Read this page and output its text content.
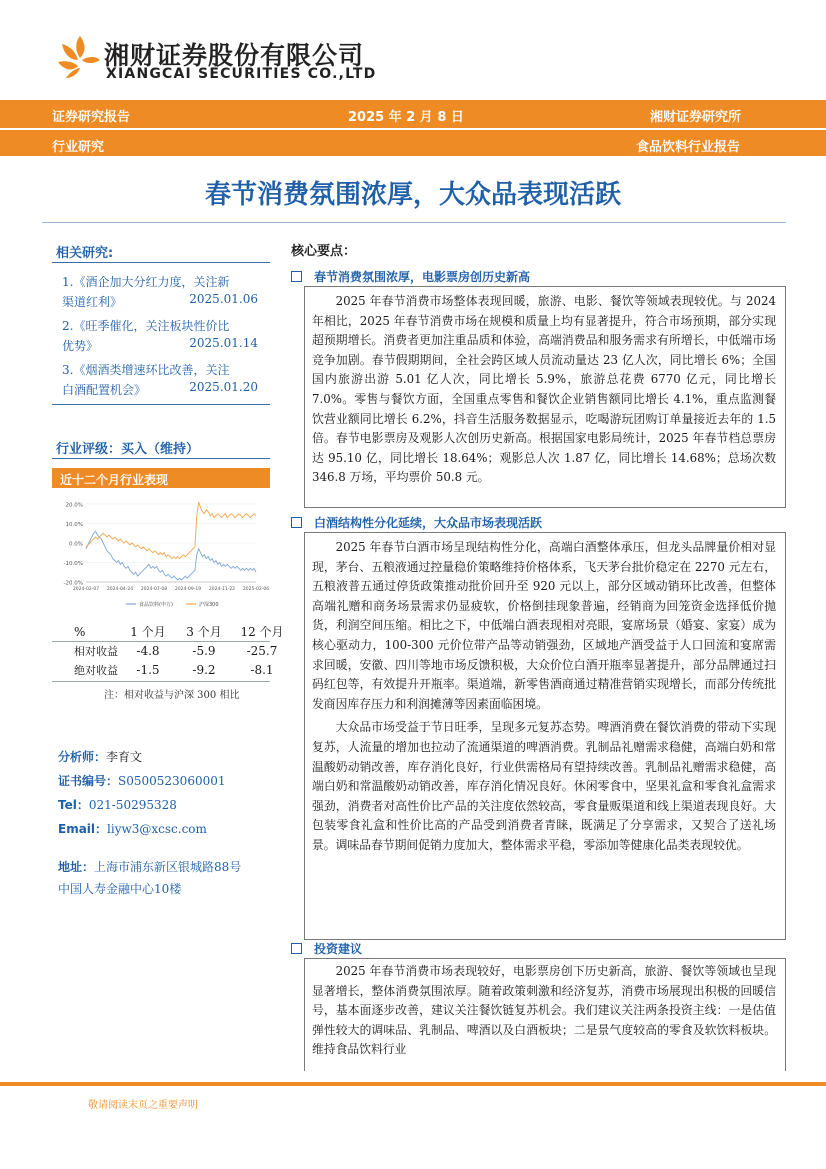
湘财证券股份有限公司
XIANGCAI SECURITIES CO.,LTD
证券研究报告	2025 年 2 月 8 日	湘财证券研究所
行业研究	食品饮料行业报告
春节消费氛围浓厚，大众品表现活跃
相关研究:
1.《酒企加大分红力度，关注新
渠道红利》	2025.01.06
2.《旺季催化，关注板块性价比
优势》	2025.01.14
3.《烟酒类增速环比改善，关注
白酒配置机会》	2025.01.20
行业评级：买入（维持）
近十二个月行业表现
20.0%
10.0%
0.0%
-10.0%
-20.0%
2024-02-07 2024-04-24 2024-07-08 2024-09-19 2024-11-22 2025-02-06
食品饮料(申万)	沪深300
%	1 个月	3 个月	12 个月
相对收益	-4.8	-5.9	-25.7
绝对收益	-1.5	-9.2	-8.1
注：相对收益与沪深 300 相比
分析师：李育文
证书编号：S0500523060001
Tel：021-50295328
Email：liyw3@xcsc.com
地址：上海市浦东新区银城路88号
中国人寿金融中心10楼
核心要点：
春节消费氛围浓厚，电影票房创历史新高

2025 年春节消费市场整体表现回暖，旅游、电影、餐饮等领域表现较优。与 2024 年相比，2025 年春节消费市场在规模和质量上均有显著提升，符合市场预期，部分实现超预期增长。消费者更加注重品质和体验，高端消费品和服务需求有所增长，中低端市场竞争加剧。春节假期期间，全社会跨区域人员流动量达 23 亿人次，同比增长 6%；全国国内旅游出游 5.01 亿人次，同比增长 5.9%，旅游总花费 6770 亿元，同比增长 7.0%。零售与餐饮方面，全国重点零售和餐饮企业销售额同比增长 4.1%，重点监测餐饮营业额同比增长 6.2%，抖音生活服务数据显示，吃喝游玩团购订单量接近去年的 1.5 倍。春节电影票房及观影人次创历史新高。根据国家电影局统计，2025 年春节档总票房达 95.10 亿，同比增长 18.64%；观影总人次 1.87 亿，同比增长 14.68%；总场次数 346.8 万场，平均票价 50.8 元。

白酒结构性分化延续，大众品市场表现活跃

2025 年春节白酒市场呈现结构性分化，高端白酒整体承压，但龙头品牌量价相对显现，茅台、五粮液通过控量稳价策略维持价格体系，飞天茅台批价稳定在 2270 元左右，五粮液普五通过停货政策推动批价回升至 920 元以上，部分区域动销环比改善，但整体高端礼赠和商务场景需求仍显疲软，价格倒挂现象普遍，经销商为回笼资金选择低价抛货，利润空间压缩。相比之下，中低端白酒表现相对亮眼，宴席场景（婚宴、家宴）成为核心驱动力，100-300 元价位带产品等动销强劲，区域地产酒受益于人口回流和宴席需求回暖，安徽、四川等地市场反馈积极，大众价位白酒开瓶率显著提升，部分品牌通过扫码红包等，有效提升开瓶率。渠道端，新零售酒商通过精准营销实现增长，而部分传统批发商因库存压力和利润摊薄等因素面临困境。

大众品市场受益于节日旺季，呈现多元复苏态势。啤酒消费在餐饮消费的带动下实现复苏，人流量的增加也拉动了流通渠道的啤酒消费。乳制品礼赠需求稳健，高端白奶和常温酸奶动销改善，库存消化良好，行业供需格局有望持续改善。乳制品礼赠需求稳健，高端白奶和常温酸奶动销改善，库存消化情况良好。休闲零食中，坚果礼盒和零食礼盒需求强劲，消费者对高性价比产品的关注度依然较高，零食量贩渠道和线上渠道表现良好。大包装零食礼盒和性价比高的产品受到消费者青睐，既满足了分享需求，又契合了送礼场景。调味品春节期间促销力度加大，整体需求平稳，零添加等健康化品类表现较优。

投资建议

2025 年春节消费市场表现较好，电影票房创下历史新高，旅游、餐饮等领域也呈现显著增长，整体消费氛围浓厚。随着政策刺激和经济复苏，消费市场展现出积极的回暖信号，基本面逐步改善，建议关注餐饮链复苏机会。我们建议关注两条投资主线：一是估值弹性较大的调味品、乳制品、啤酒以及白酒板块；二是景气度较高的零食及软饮料板块。维持食品饮料行业

敬请阅读末页之重要声明
